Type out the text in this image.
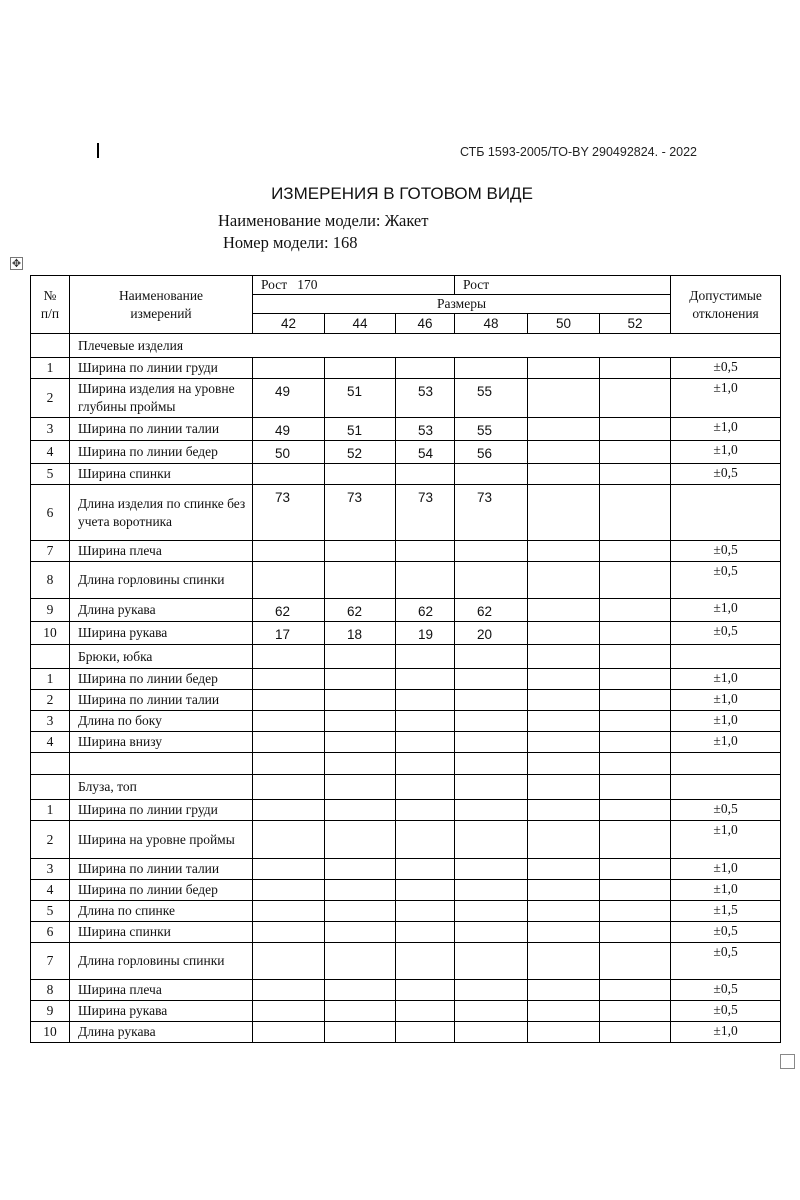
СТБ 1593-2005/ТО-BY 290492824. - 2022
ИЗМЕРЕНИЯ В ГОТОВОМ ВИДЕ
Наименование модели: Жакет
Номер модели: 168
✥
№
п/п	Наименование
измерений	Рост   170			Рост			Допустимые
отклонения
		Размеры						
		42	44	46	48	50	52	
	Плечевые изделия							
1	Ширина по линии груди							±0,5
2	Ширина изделия на уровне глубины проймы	49	51	53	55			±1,0
3	Ширина по линии талии	49	51	53	55			±1,0
4	Ширина по линии бедер	50	52	54	56			±1,0
5	Ширина спинки							±0,5
6	Длина изделия по спинке без учета воротника	73	73	73	73			
7	Ширина плеча							±0,5
8	Длина горловины спинки							±0,5
9	Длина рукава	62	62	62	62			±1,0
10	Ширина рукава	17	18	19	20			±0,5
	Брюки, юбка							
1	Ширина по линии бедер							±1,0
2	Ширина по линии талии							±1,0
3	Длина по боку							±1,0
4	Ширина внизу							±1,0

	Блуза, топ							
1	Ширина по линии груди							±0,5
2	Ширина на уровне проймы							±1,0
3	Ширина по линии талии							±1,0
4	Ширина по линии бедер							±1,0
5	Длина по спинке							±1,5
6	Ширина спинки							±0,5
7	Длина горловины спинки							±0,5
8	Ширина плеча							±0,5
9	Ширина рукава							±0,5
10	Длина рукава							±1,0
